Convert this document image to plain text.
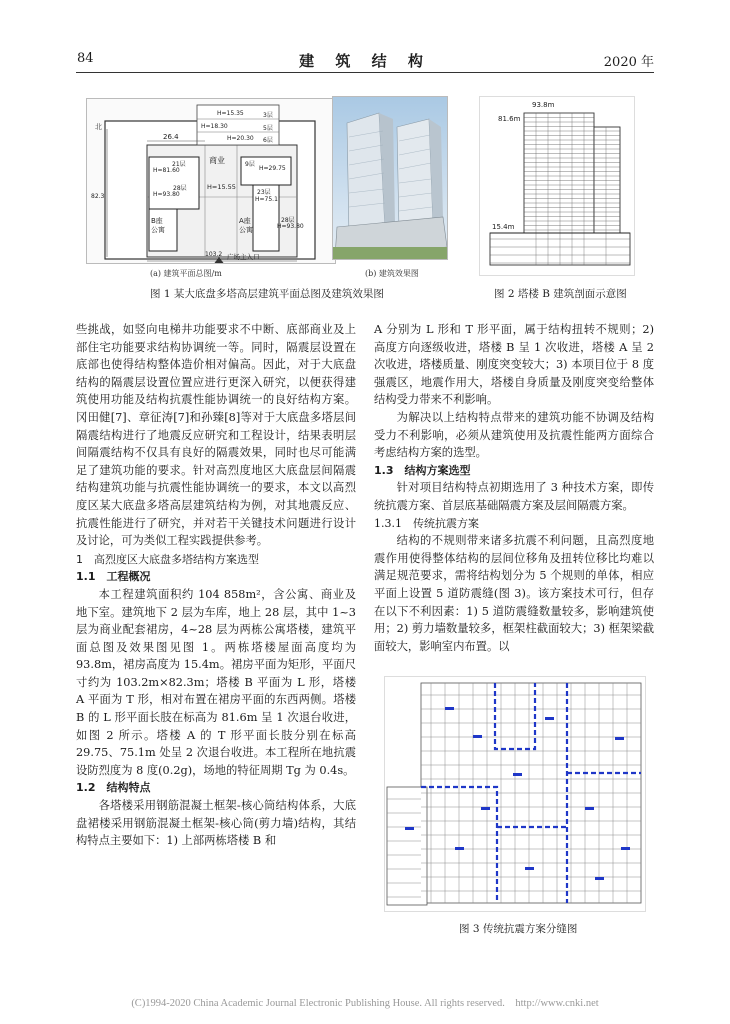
84	建 筑 结 构	2020 年
北
26.4
商业
H=15.35	3层
H=18.30	5层
H=20.30 6层
21层
H=81.60
28层
H=93.80
H=15.55
9层
H=29.75
23层
H=75.1
B座
公寓
A座
公寓
28层
H=93.80
82.3
103.2 广场主入口
(a) 建筑平面总图/m	(b) 建筑效果图
图 1 某大底盘多塔高层建筑平面总图及建筑效果图
93.8m
81.6m
15.4m
图 2 塔楼 B 建筑剖面示意图
些挑战，如竖向电梯井功能要求不中断、底部商业及上部住宅功能要求结构协调统一等。同时，隔震层设置在底部也使得结构整体造价相对偏高。因此，对于大底盘结构的隔震层设置位置应进行更深入研究，以便获得建筑使用功能及结构抗震性能协调统一的良好结构方案。冈田健[7]、章征涛[7]和孙臻[8]等对于大底盘多塔层间隔震结构进行了地震反应研究和工程设计，结果表明层间隔震结构不仅具有良好的隔震效果，同时也尽可能满足了建筑功能的要求。针对高烈度地区大底盘层间隔震结构建筑功能与抗震性能协调统一的要求，本文以高烈度区某大底盘多塔高层建筑结构为例，对其地震反应、抗震性能进行了研究，并对若干关键技术问题进行设计及讨论，可为类似工程实践提供参考。

1　高烈度区大底盘多塔结构方案选型

1.1　工程概况

本工程建筑面积约 104 858m²，含公寓、商业及地下室。建筑地下 2 层为车库，地上 28 层，其中 1~3 层为商业配套裙房，4~28 层为两栋公寓塔楼，建筑平面总图及效果图见图 1。两栋塔楼屋面高度均为 93.8m，裙房高度为 15.4m。裙房平面为矩形，平面尺寸约为 103.2m×82.3m；塔楼 B 平面为 L 形，塔楼 A 平面为 T 形，相对布置在裙房平面的东西两侧。塔楼 B 的 L 形平面长肢在标高为 81.6m 呈 1 次退台收进，如图 2 所示。塔楼 A 的 T 形平面长肢分别在标高 29.75、75.1m 处呈 2 次退台收进。本工程所在地抗震设防烈度为 8 度(0.2g)，场地的特征周期 Tg 为 0.4s。

1.2　结构特点

各塔楼采用钢筋混凝土框架-核心筒结构体系，大底盘裙楼采用钢筋混凝土框架-核心筒(剪力墙)结构，其结构特点主要如下：1) 上部两栋塔楼 B 和

A 分别为 L 形和 T 形平面，属于结构扭转不规则；2) 高度方向逐级收进，塔楼 B 呈 1 次收进，塔楼 A 呈 2 次收进，塔楼质量、刚度突变较大；3) 本项目位于 8 度强震区，地震作用大，塔楼自身质量及刚度突变给整体结构受力带来不利影响。

为解决以上结构特点带来的建筑功能不协调及结构受力不利影响，必须从建筑使用及抗震性能两方面综合考虑结构方案的选型。

1.3　结构方案选型

针对项目结构特点初期选用了 3 种技术方案，即传统抗震方案、首层底基础隔震方案及层间隔震方案。

1.3.1　传统抗震方案

结构的不规则带来诸多抗震不利问题，且高烈度地震作用使得整体结构的层间位移角及扭转位移比均难以满足规范要求，需将结构划分为 5 个规则的单体，相应平面上设置 5 道防震缝(图 3)。该方案技术可行，但存在以下不利因素：1) 5 道防震缝数量较多，影响建筑使用；2) 剪力墙数量较多，框架柱截面较大；3) 框架梁截面较大，影响室内布置。以

图 3 传统抗震方案分缝图
(C)1994-2020 China Academic Journal Electronic Publishing House. All rights reserved.　http://www.cnki.net
